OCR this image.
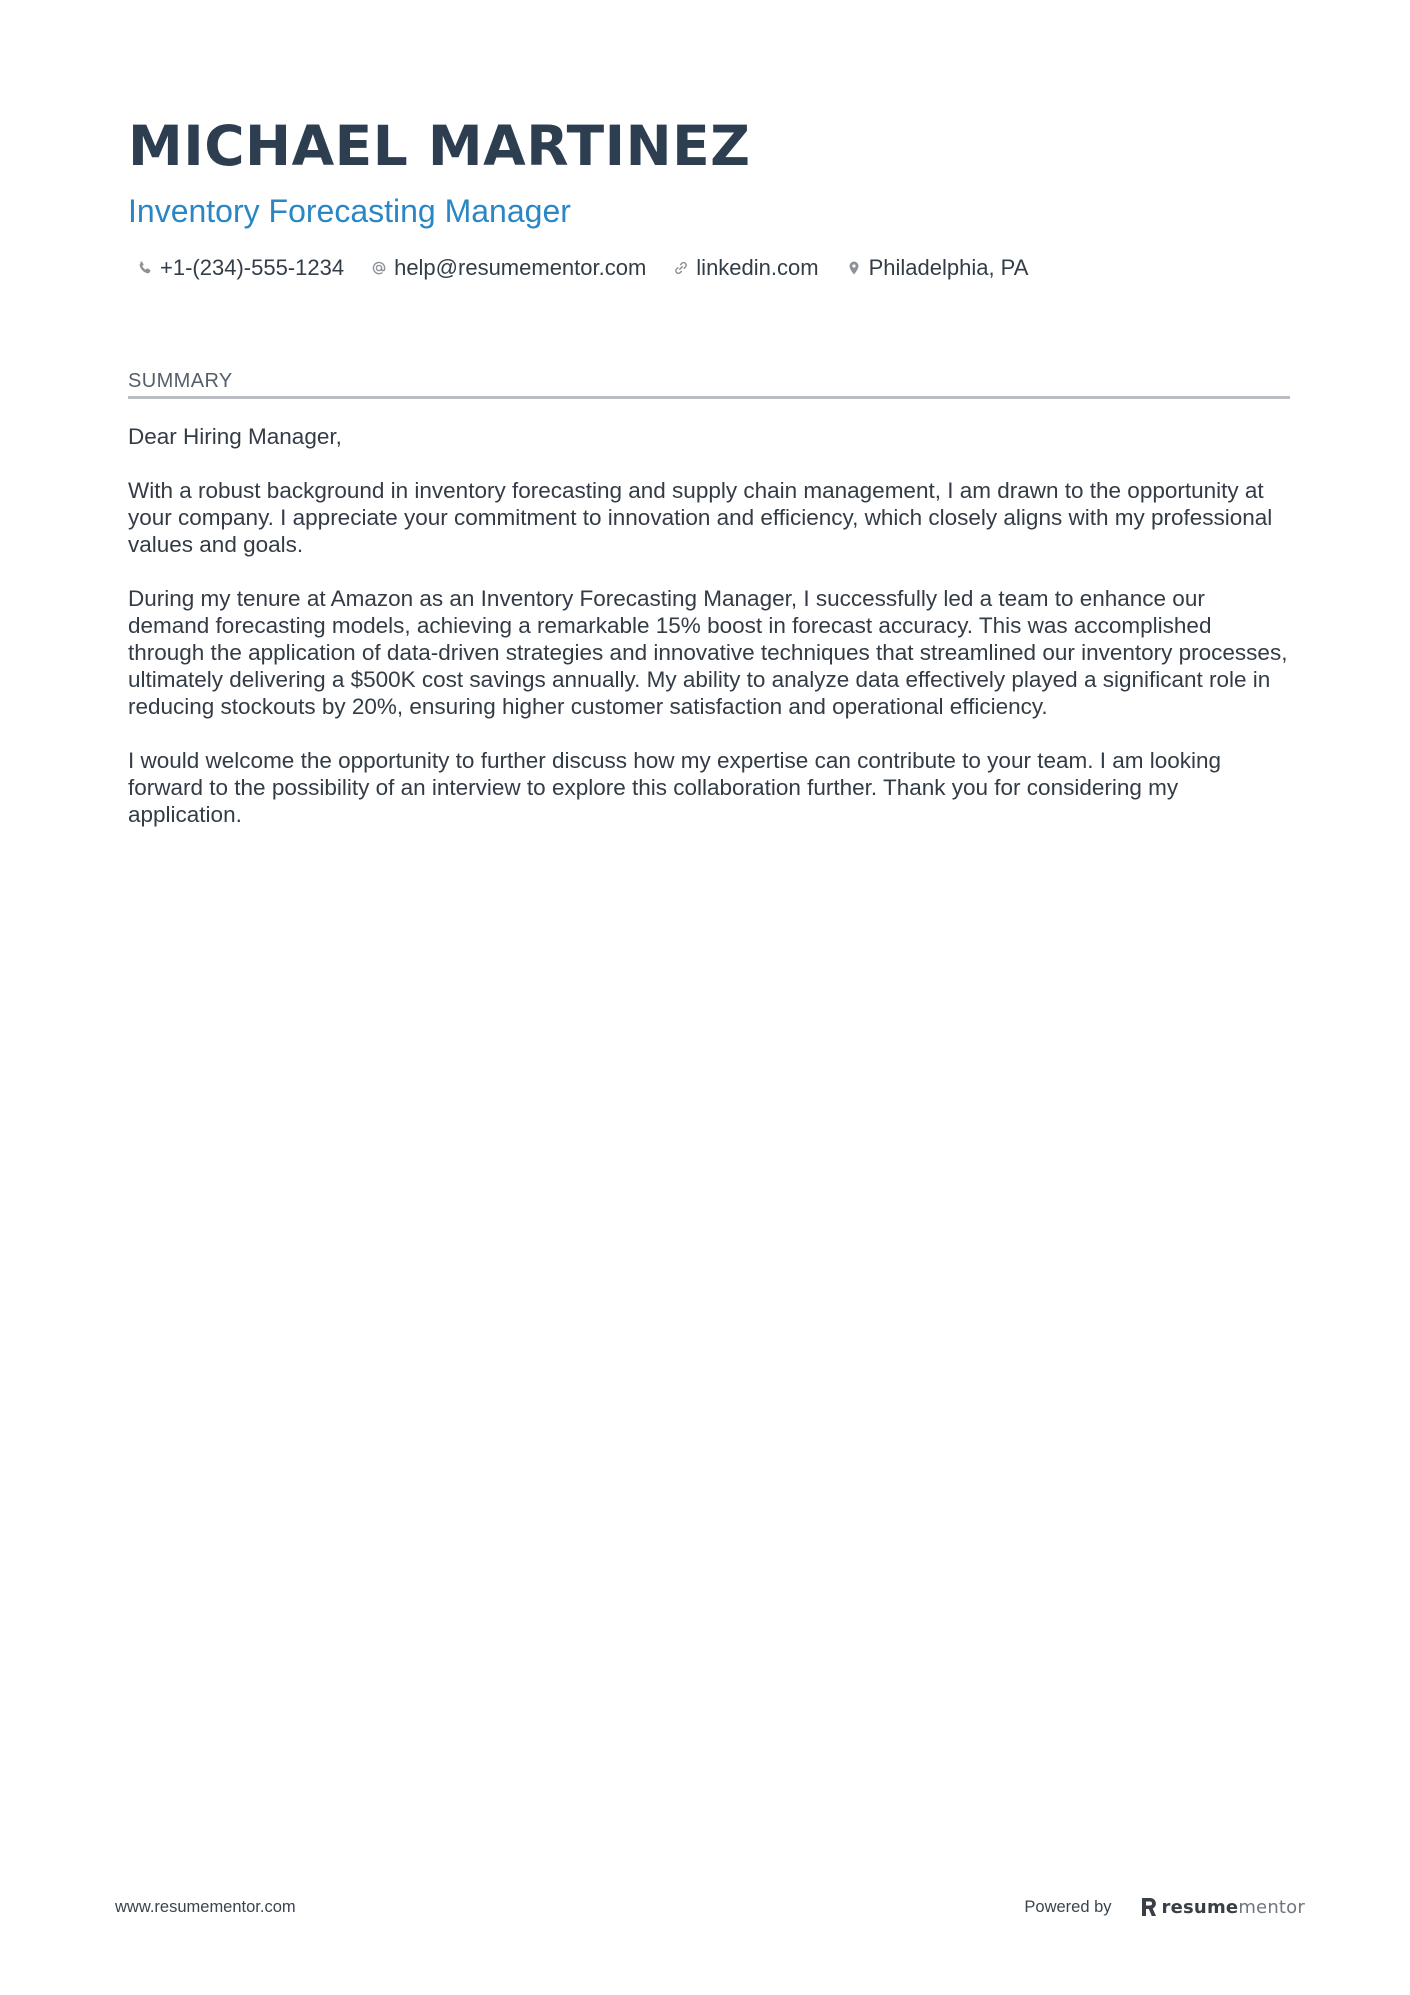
MICHAEL MARTINEZ
Inventory Forecasting Manager
+1-(234)-555-1234 help@resumementor.com linkedin.com Philadelphia, PA
SUMMARY

Dear Hiring Manager,

With a robust background in inventory forecasting and supply chain management, I am drawn to the opportunity at your company. I appreciate your commitment to innovation and efficiency, which closely aligns with my professional values and goals.

During my tenure at Amazon as an Inventory Forecasting Manager, I successfully led a team to enhance our demand forecasting models, achieving a remarkable 15% boost in forecast accuracy. This was accomplished through the application of data-driven strategies and innovative techniques that streamlined our inventory processes, ultimately delivering a $500K cost savings annually. My ability to analyze data effectively played a significant role in reducing stockouts by 20%, ensuring higher customer satisfaction and operational efficiency.

I would welcome the opportunity to further discuss how my expertise can contribute to your team. I am looking forward to the possibility of an interview to explore this collaboration further. Thank you for considering my application.

www.resumementor.com	Powered by	resumementor
